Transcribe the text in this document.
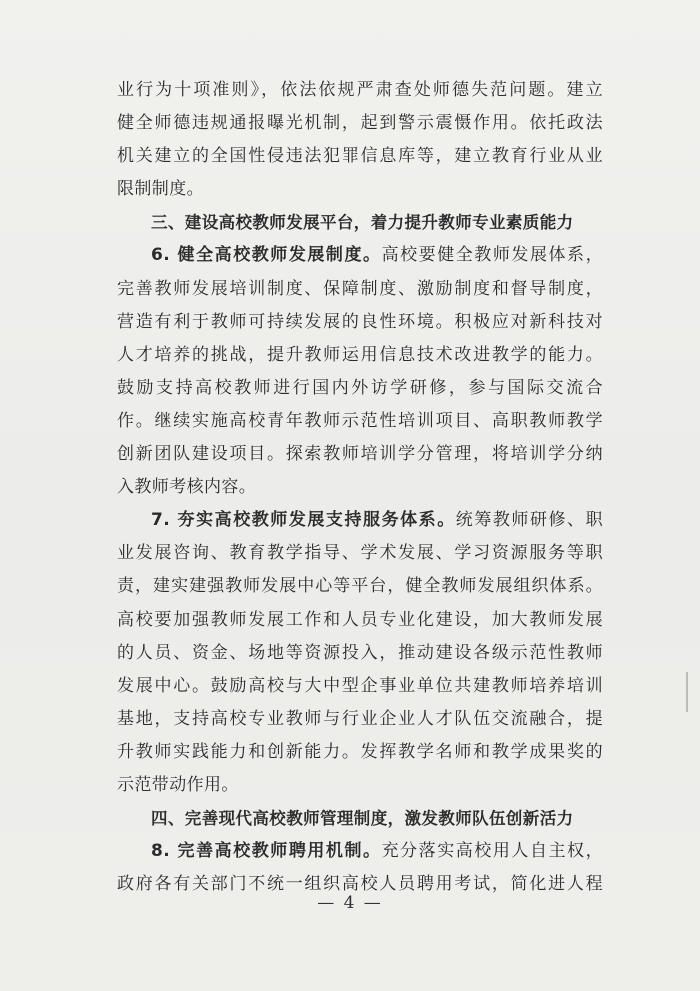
业行为十项准则》，依法依规严肃查处师德失范问题。建立
健全师德违规通报曝光机制，起到警示震慑作用。依托政法
机关建立的全国性侵违法犯罪信息库等，建立教育行业从业
限制制度。
三、建设高校教师发展平台，着力提升教师专业素质能力
6. 健全高校教师发展制度。高校要健全教师发展体系，
完善教师发展培训制度、保障制度、激励制度和督导制度，
营造有利于教师可持续发展的良性环境。积极应对新科技对
人才培养的挑战，提升教师运用信息技术改进教学的能力。
鼓励支持高校教师进行国内外访学研修，参与国际交流合
作。继续实施高校青年教师示范性培训项目、高职教师教学
创新团队建设项目。探索教师培训学分管理，将培训学分纳
入教师考核内容。
7. 夯实高校教师发展支持服务体系。统筹教师研修、职
业发展咨询、教育教学指导、学术发展、学习资源服务等职
责，建实建强教师发展中心等平台，健全教师发展组织体系。
高校要加强教师发展工作和人员专业化建设，加大教师发展
的人员、资金、场地等资源投入，推动建设各级示范性教师
发展中心。鼓励高校与大中型企事业单位共建教师培养培训
基地，支持高校专业教师与行业企业人才队伍交流融合，提
升教师实践能力和创新能力。发挥教学名师和教学成果奖的
示范带动作用。
四、完善现代高校教师管理制度，激发教师队伍创新活力
8. 完善高校教师聘用机制。充分落实高校用人自主权，
政府各有关部门不统一组织高校人员聘用考试，简化进人程
— 4 —
